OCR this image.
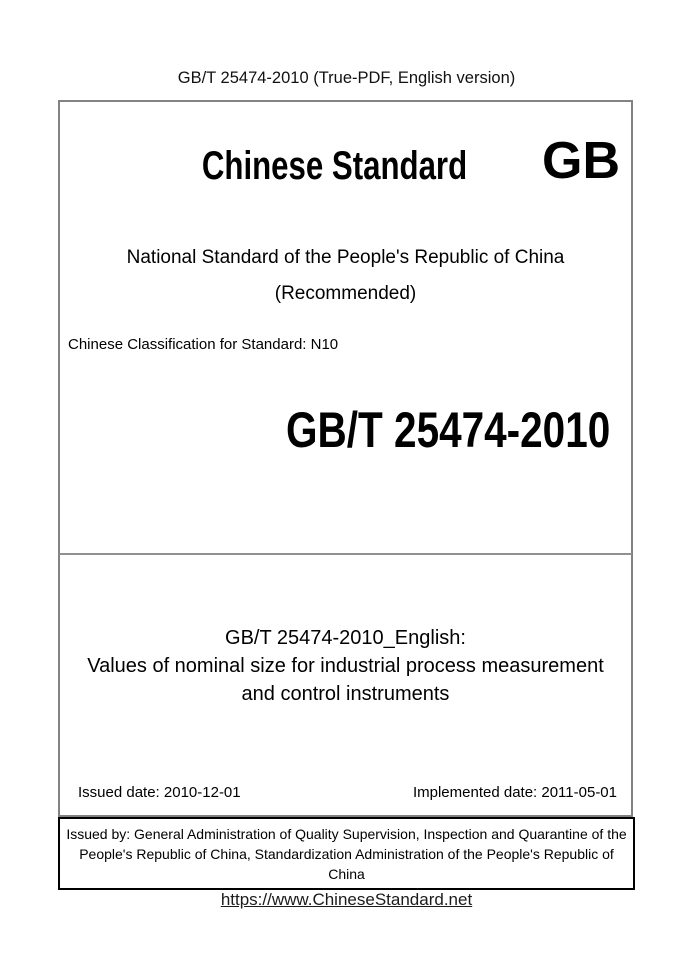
GB/T 25474-2010 (True-PDF, English version)
Chinese Standard	GB
National Standard of the People's Republic of China
(Recommended)
Chinese Classification for Standard: N10
GB/T 25474-2010
GB/T 25474-2010_English:
Values of nominal size for industrial process measurement
and control instruments
Issued date: 2010-12-01	Implemented date: 2011-05-01
Issued by: General Administration of Quality Supervision, Inspection and Quarantine of the People's Republic of China, Standardization Administration of the People's Republic of China
https://www.ChineseStandard.net
